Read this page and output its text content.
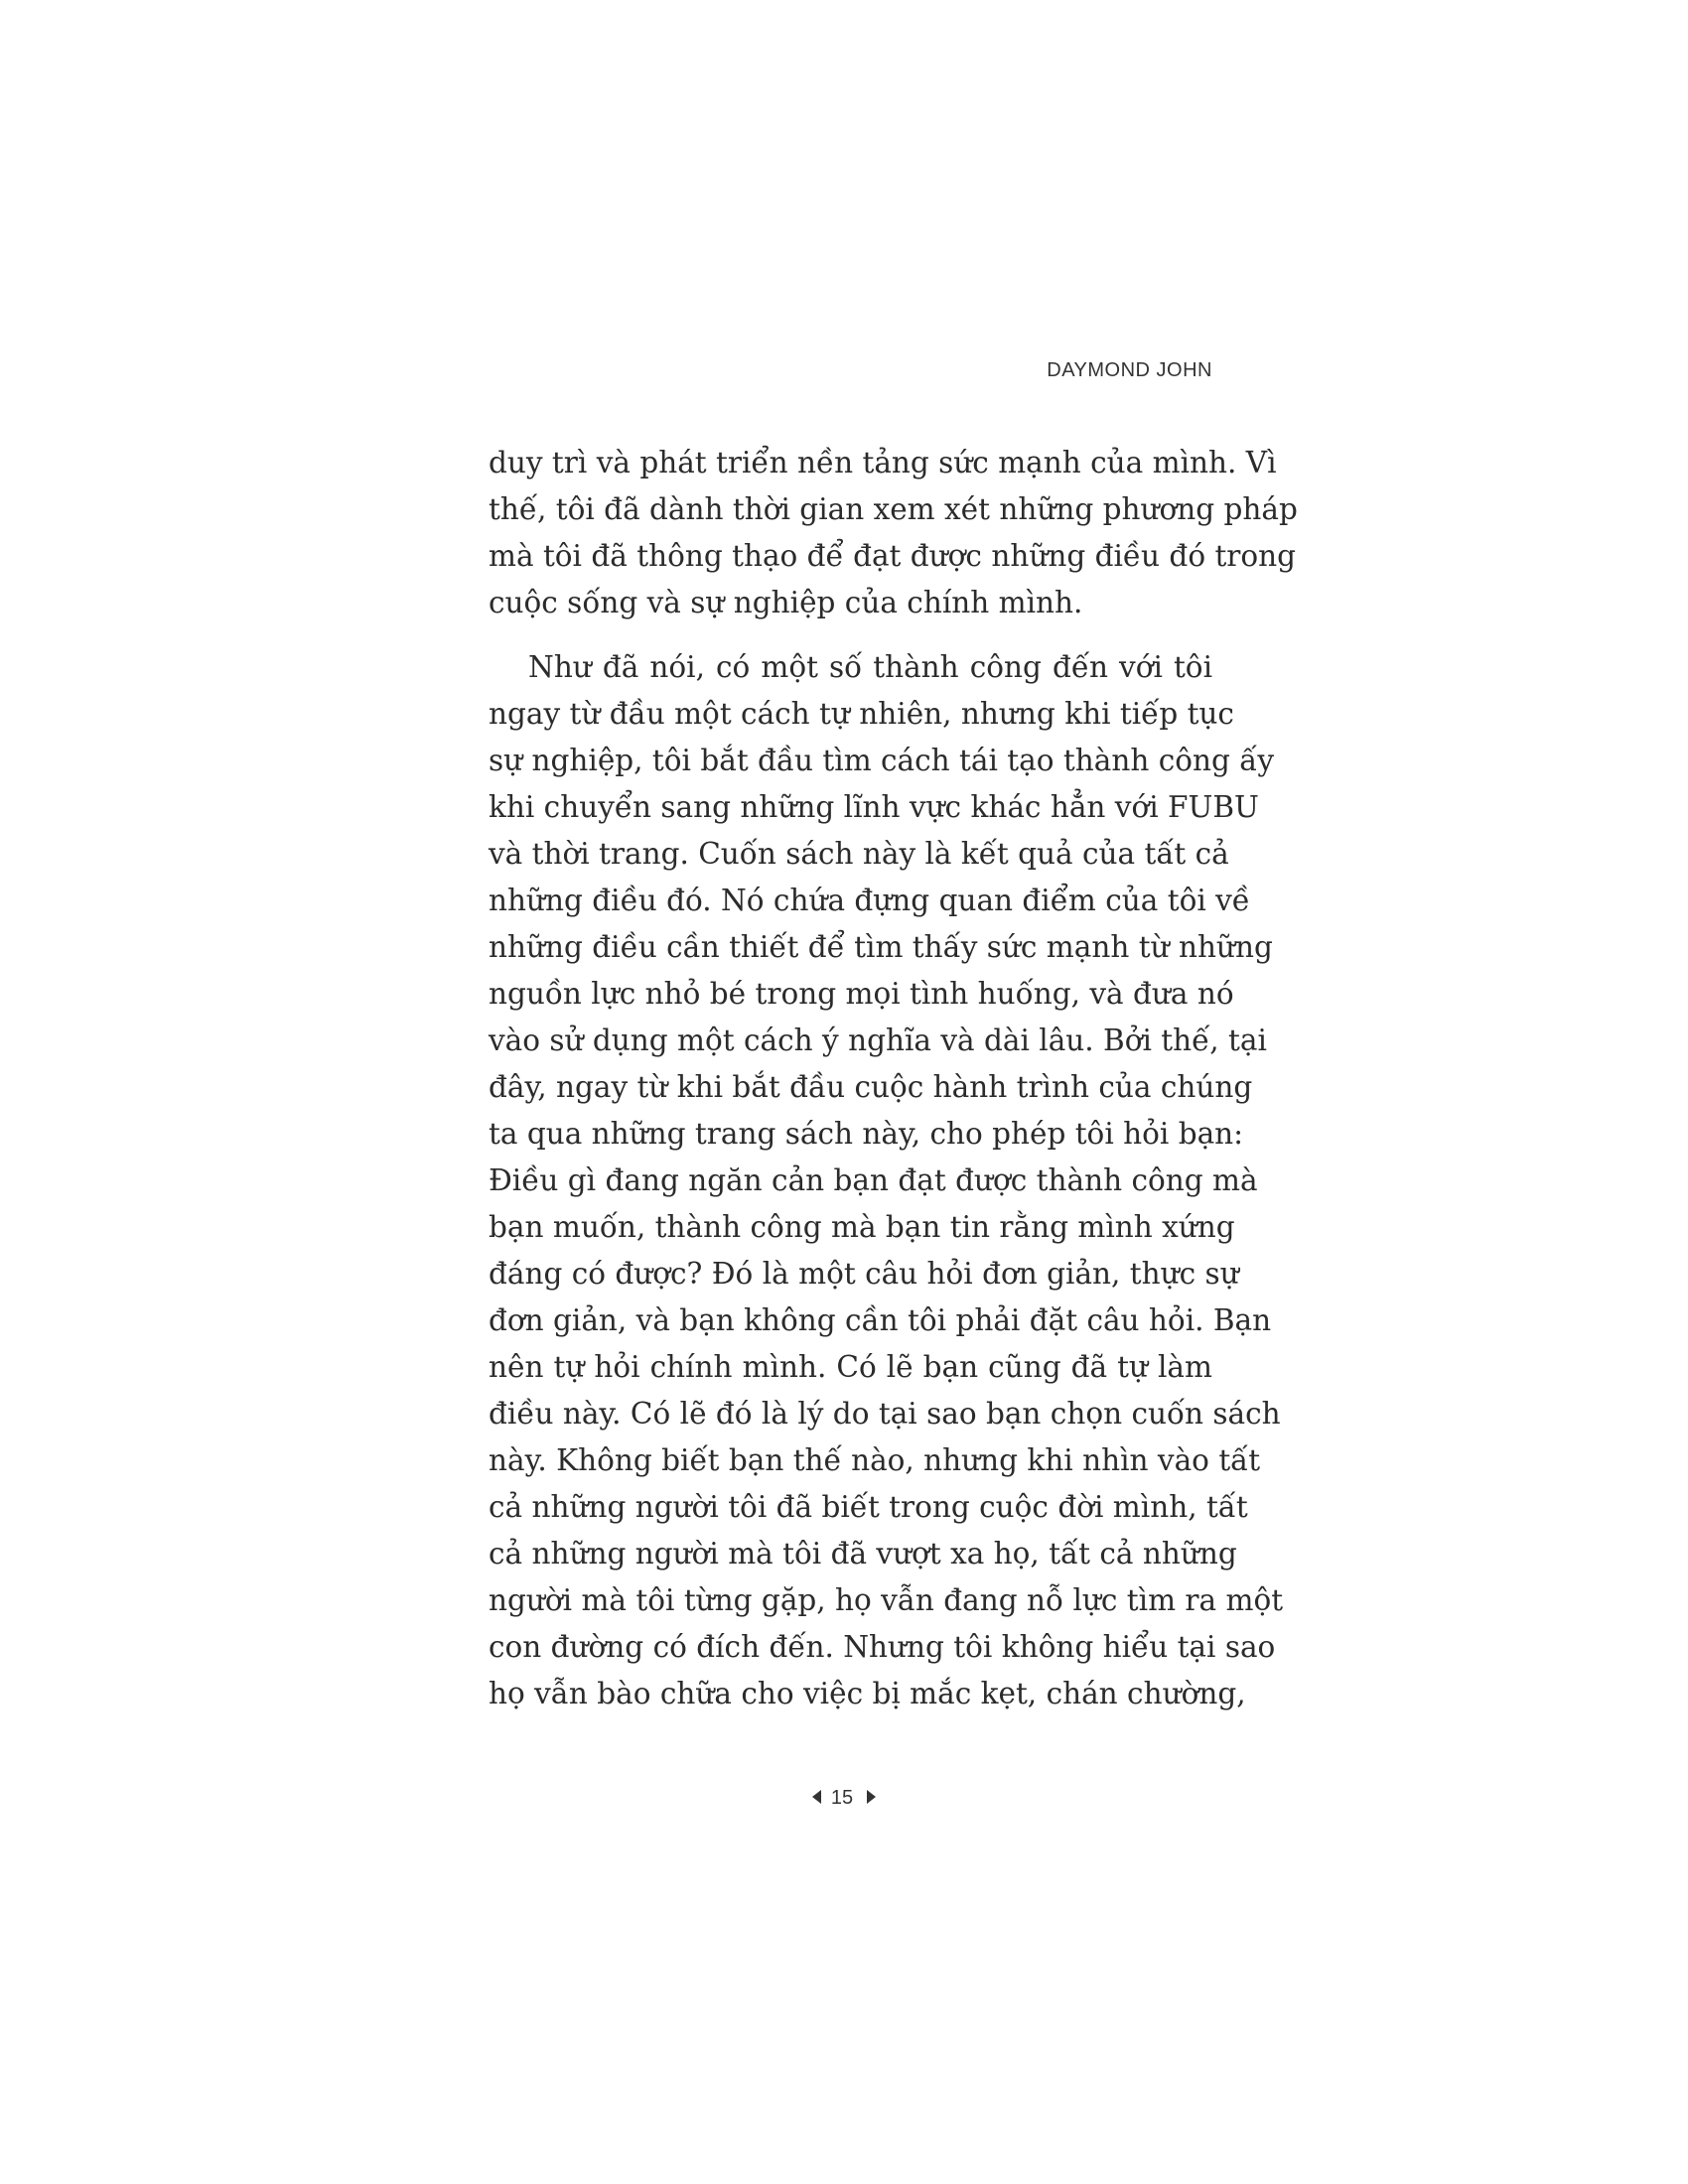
DAYMOND JOHN
duy trì và phát triển nền tảng sức mạnh của mình. Vì
thế, tôi đã dành thời gian xem xét những phương pháp
mà tôi đã thông thạo để đạt được những điều đó trong
cuộc sống và sự nghiệp của chính mình.
Như đã nói, có một số thành công đến với tôi
ngay từ đầu một cách tự nhiên, nhưng khi tiếp tục
sự nghiệp, tôi bắt đầu tìm cách tái tạo thành công ấy
khi chuyển sang những lĩnh vực khác hẳn với FUBU
và thời trang. Cuốn sách này là kết quả của tất cả
những điều đó. Nó chứa đựng quan điểm của tôi về
những điều cần thiết để tìm thấy sức mạnh từ những
nguồn lực nhỏ bé trong mọi tình huống, và đưa nó
vào sử dụng một cách ý nghĩa và dài lâu. Bởi thế, tại
đây, ngay từ khi bắt đầu cuộc hành trình của chúng
ta qua những trang sách này, cho phép tôi hỏi bạn:
Điều gì đang ngăn cản bạn đạt được thành công mà
bạn muốn, thành công mà bạn tin rằng mình xứng
đáng có được? Đó là một câu hỏi đơn giản, thực sự
đơn giản, và bạn không cần tôi phải đặt câu hỏi. Bạn
nên tự hỏi chính mình. Có lẽ bạn cũng đã tự làm
điều này. Có lẽ đó là lý do tại sao bạn chọn cuốn sách
này. Không biết bạn thế nào, nhưng khi nhìn vào tất
cả những người tôi đã biết trong cuộc đời mình, tất
cả những người mà tôi đã vượt xa họ, tất cả những
người mà tôi từng gặp, họ vẫn đang nỗ lực tìm ra một
con đường có đích đến. Nhưng tôi không hiểu tại sao
họ vẫn bào chữa cho việc bị mắc kẹt, chán chường,
15
